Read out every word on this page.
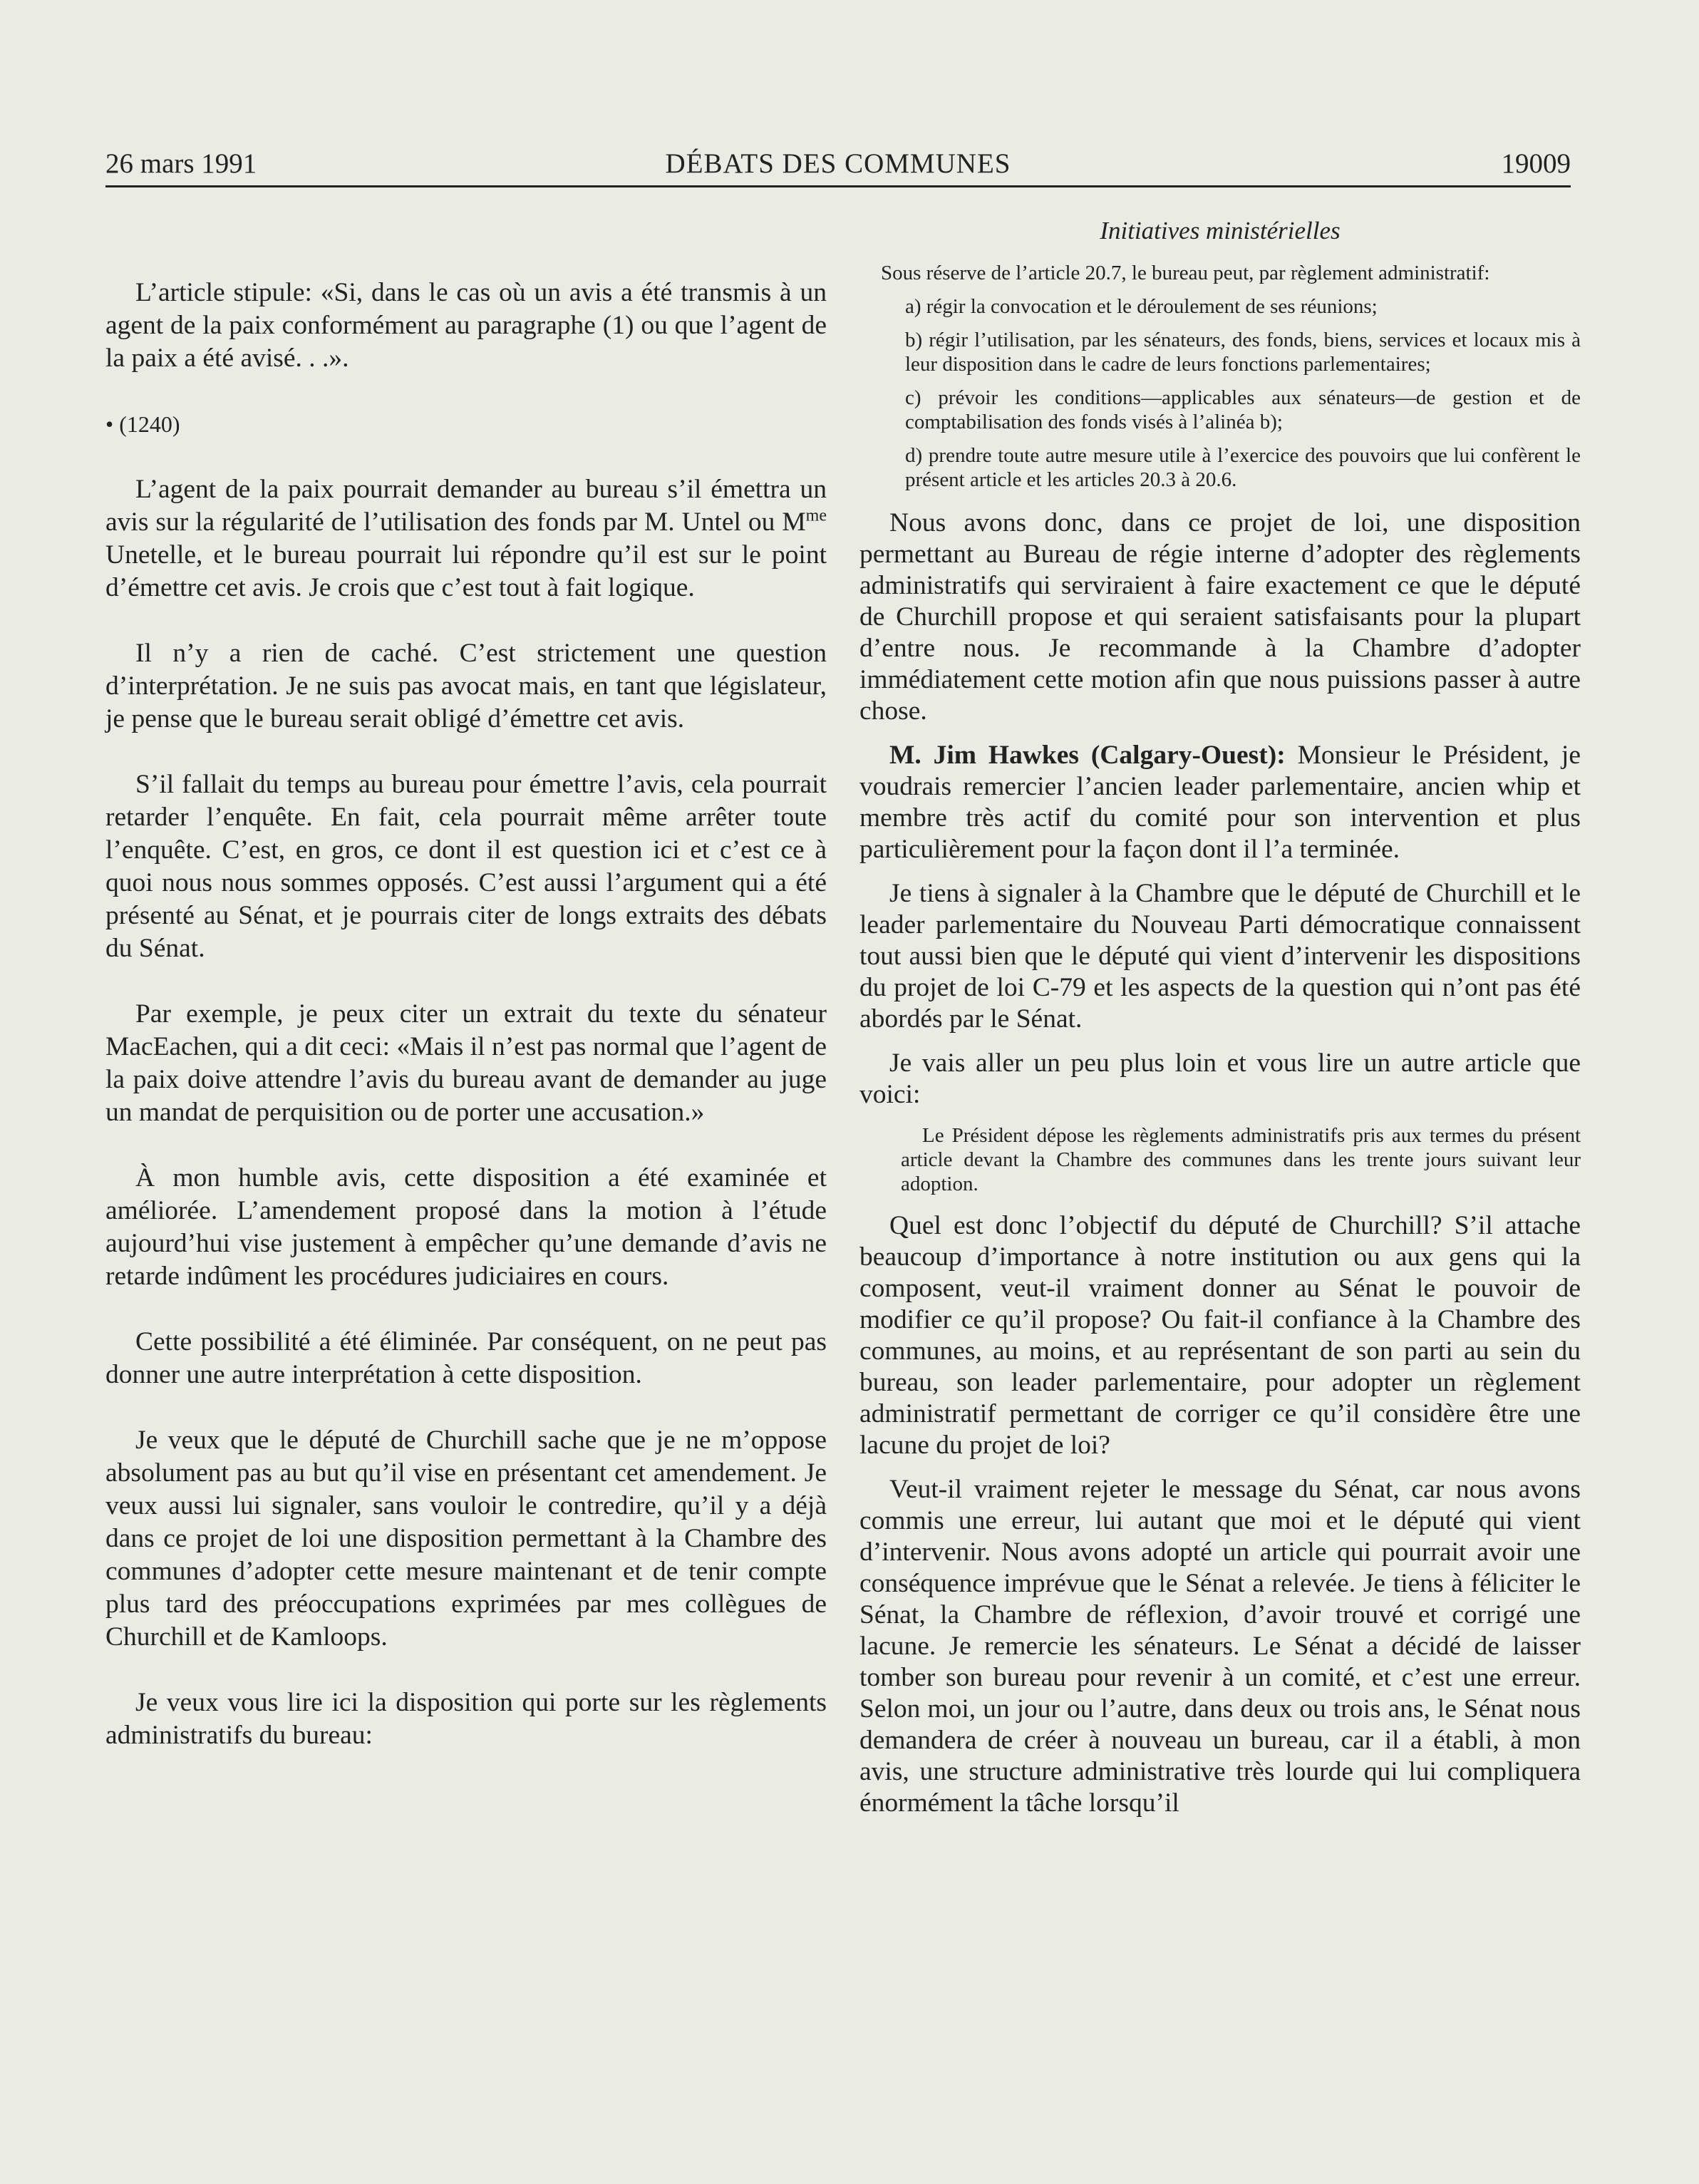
26 mars 1991	DÉBATS DES COMMUNES	19009

L’article stipule: «Si, dans le cas où un avis a été transmis à un agent de la paix conformément au paragraphe (1) ou que l’agent de la paix a été avisé. . .».

• (1240)

L’agent de la paix pourrait demander au bureau s’il émettra un avis sur la régularité de l’utilisation des fonds par M. Untel ou $M^{me}$ Unetelle, et le bureau pourrait lui répondre qu’il est sur le point d’émettre cet avis. Je crois que c’est tout à fait logique.

Il n’y a rien de caché. C’est strictement une question d’interprétation. Je ne suis pas avocat mais, en tant que législateur, je pense que le bureau serait obligé d’émettre cet avis.

S’il fallait du temps au bureau pour émettre l’avis, cela pourrait retarder l’enquête. En fait, cela pourrait même arrêter toute l’enquête. C’est, en gros, ce dont il est question ici et c’est ce à quoi nous nous sommes opposés. C’est aussi l’argument qui a été présenté au Sénat, et je pourrais citer de longs extraits des débats du Sénat.

Par exemple, je peux citer un extrait du texte du sénateur MacEachen, qui a dit ceci: «Mais il n’est pas normal que l’agent de la paix doive attendre l’avis du bureau avant de demander au juge un mandat de perquisition ou de porter une accusation.»

À mon humble avis, cette disposition a été examinée et améliorée. L’amendement proposé dans la motion à l’étude aujourd’hui vise justement à empêcher qu’une demande d’avis ne retarde indûment les procédures judiciaires en cours.

Cette possibilité a été éliminée. Par conséquent, on ne peut pas donner une autre interprétation à cette disposition.

Je veux que le député de Churchill sache que je ne m’oppose absolument pas au but qu’il vise en présentant cet amendement. Je veux aussi lui signaler, sans vouloir le contredire, qu’il y a déjà dans ce projet de loi une disposition permettant à la Chambre des communes d’adopter cette mesure maintenant et de tenir compte plus tard des préoccupations exprimées par mes collègues de Churchill et de Kamloops.

Je veux vous lire ici la disposition qui porte sur les règlements administratifs du bureau:

Initiatives ministérielles

Sous réserve de l’article 20.7, le bureau peut, par règlement administratif:

a) régir la convocation et le déroulement de ses réunions;

b) régir l’utilisation, par les sénateurs, des fonds, biens, services et locaux mis à leur disposition dans le cadre de leurs fonctions parlementaires;

c) prévoir les conditions—applicables aux sénateurs—de gestion et de comptabilisation des fonds visés à l’alinéa b);

d) prendre toute autre mesure utile à l’exercice des pouvoirs que lui confèrent le présent article et les articles 20.3 à 20.6.

Nous avons donc, dans ce projet de loi, une disposition permettant au Bureau de régie interne d’adopter des règlements administratifs qui serviraient à faire exactement ce que le député de Churchill propose et qui seraient satisfaisants pour la plupart d’entre nous. Je recommande à la Chambre d’adopter immédiatement cette motion afin que nous puissions passer à autre chose.

M. Jim Hawkes (Calgary-Ouest): Monsieur le Président, je voudrais remercier l’ancien leader parlementaire, ancien whip et membre très actif du comité pour son intervention et plus particulièrement pour la façon dont il l’a terminée.

Je tiens à signaler à la Chambre que le député de Churchill et le leader parlementaire du Nouveau Parti démocratique connaissent tout aussi bien que le député qui vient d’intervenir les dispositions du projet de loi C-79 et les aspects de la question qui n’ont pas été abordés par le Sénat.

Je vais aller un peu plus loin et vous lire un autre article que voici:

Le Président dépose les règlements administratifs pris aux termes du présent article devant la Chambre des communes dans les trente jours suivant leur adoption.

Quel est donc l’objectif du député de Churchill? S’il attache beaucoup d’importance à notre institution ou aux gens qui la composent, veut-il vraiment donner au Sénat le pouvoir de modifier ce qu’il propose? Ou fait-il confiance à la Chambre des communes, au moins, et au représentant de son parti au sein du bureau, son leader parlementaire, pour adopter un règlement administratif permettant de corriger ce qu’il considère être une lacune du projet de loi?

Veut-il vraiment rejeter le message du Sénat, car nous avons commis une erreur, lui autant que moi et le député qui vient d’intervenir. Nous avons adopté un article qui pourrait avoir une conséquence imprévue que le Sénat a relevée. Je tiens à féliciter le Sénat, la Chambre de réflexion, d’avoir trouvé et corrigé une lacune. Je remercie les sénateurs. Le Sénat a décidé de laisser tomber son bureau pour revenir à un comité, et c’est une erreur. Selon moi, un jour ou l’autre, dans deux ou trois ans, le Sénat nous demandera de créer à nouveau un bureau, car il a établi, à mon avis, une structure administrative très lourde qui lui compliquera énormément la tâche lorsqu’il
